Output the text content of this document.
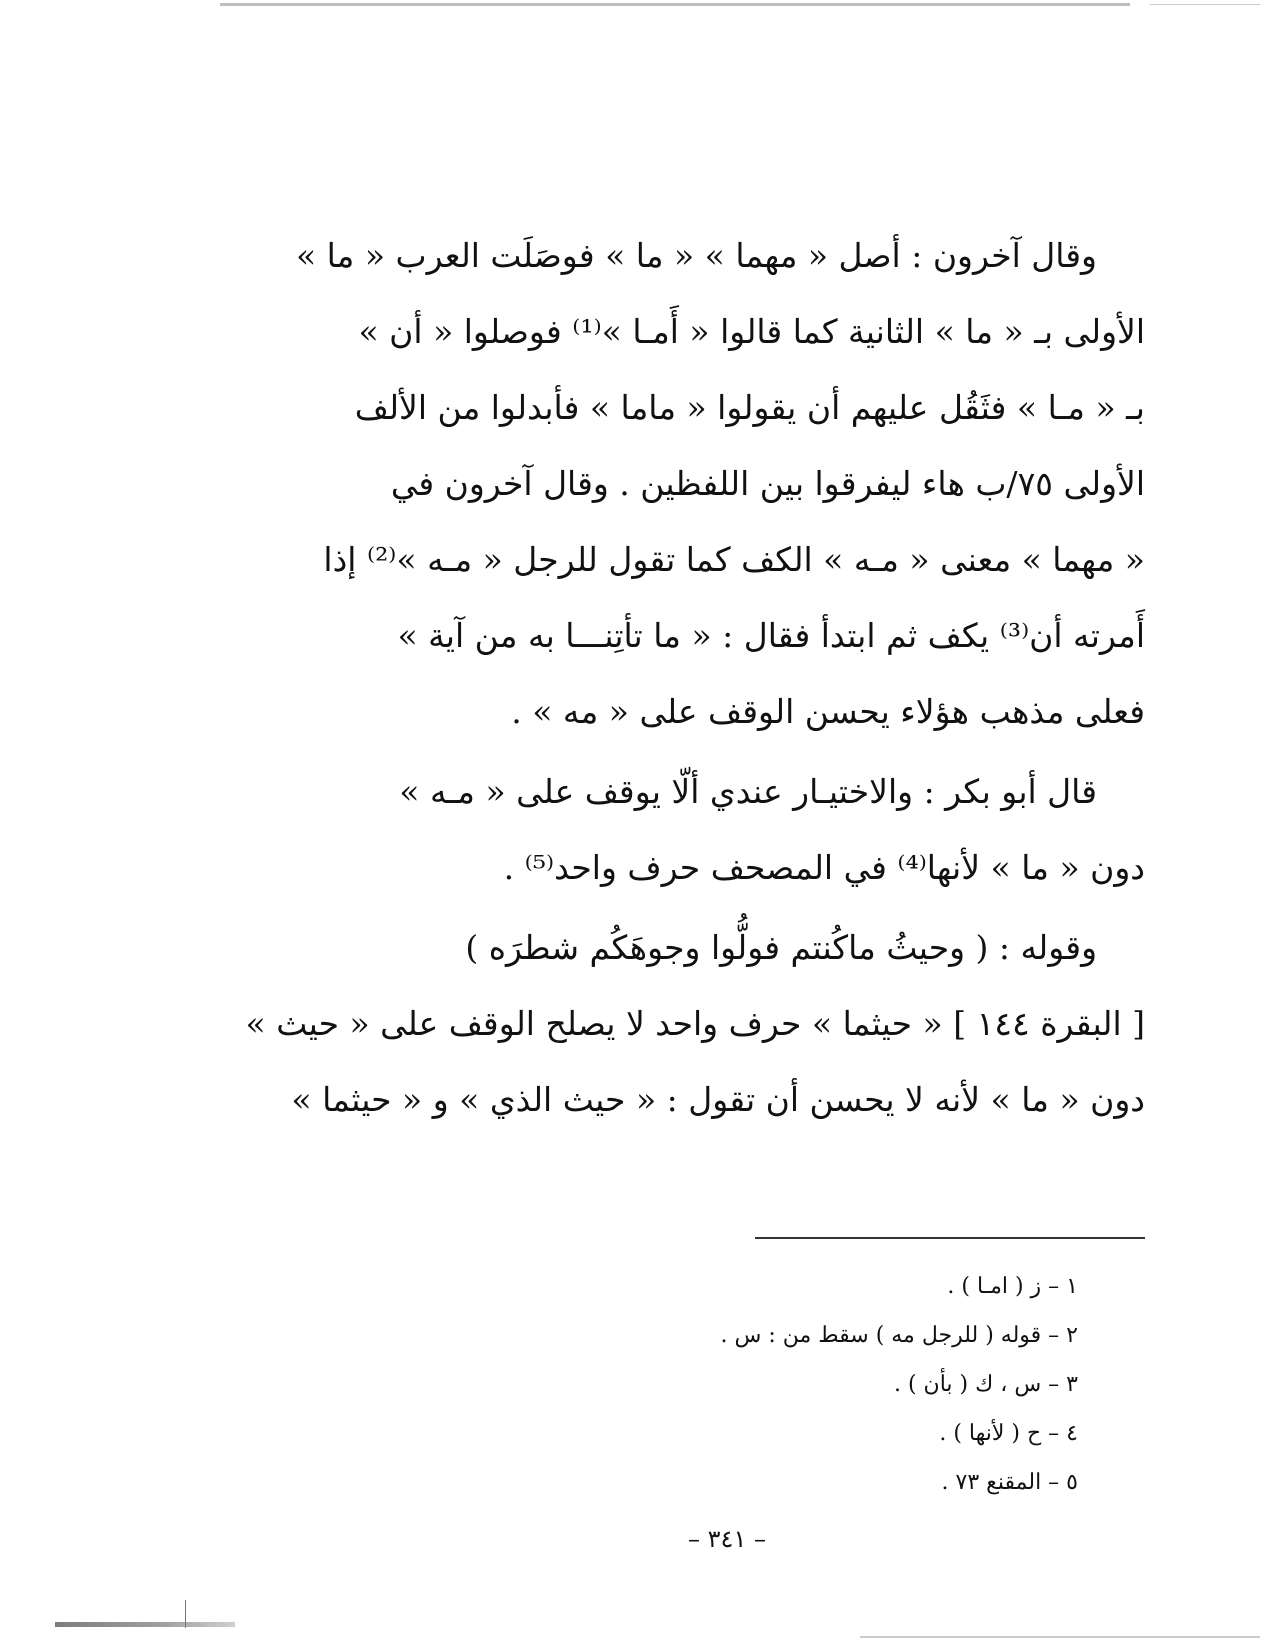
وقال آخرون : أصل « مهما » « ما » فوصَلَت العرب « ما »
الأولى بـ « ما » الثانية كما قالوا « أَمـا »⁽¹⁾ فوصلوا « أن »
بـ « مـا » فثَقُل عليهم أن يقولوا « ماما » فأبدلوا من الألف
الأولى ٧٥/ب هاء ليفرقوا بين اللفظين . وقال آخرون في
« مهما » معنى « مـه » الكف كما تقول للرجل « مـه »⁽²⁾ إذا
أَمرته أن⁽³⁾ يكف ثم ابتدأ فقال : « ما تأتِنـــا به من آية »
فعلى مذهب هؤلاء يحسن الوقف على « مه » .
قال أبو بكر : والاختيـار عندي ألّا يوقف على « مـه »
دون « ما » لأنها⁽⁴⁾ في المصحف حرف واحد⁽⁵⁾ .
وقوله : ( وحيثُ ماكُنتم فولُّوا وجوهَكُم شطرَه )
[ البقرة ١٤٤ ] « حيثما » حرف واحد لا يصلح الوقف على « حيث »
دون « ما » لأنه لا يحسن أن تقول : « حيث الذي » و « حيثما »
١ – ز ( امـا ) .
٢ – قوله ( للرجل مه ) سقط من : س .
٣ – س ، ك ( بأن ) .
٤ – ح ( لأنها ) .
٥ – المقنع ٧٣ .
– ٣٤١ –
